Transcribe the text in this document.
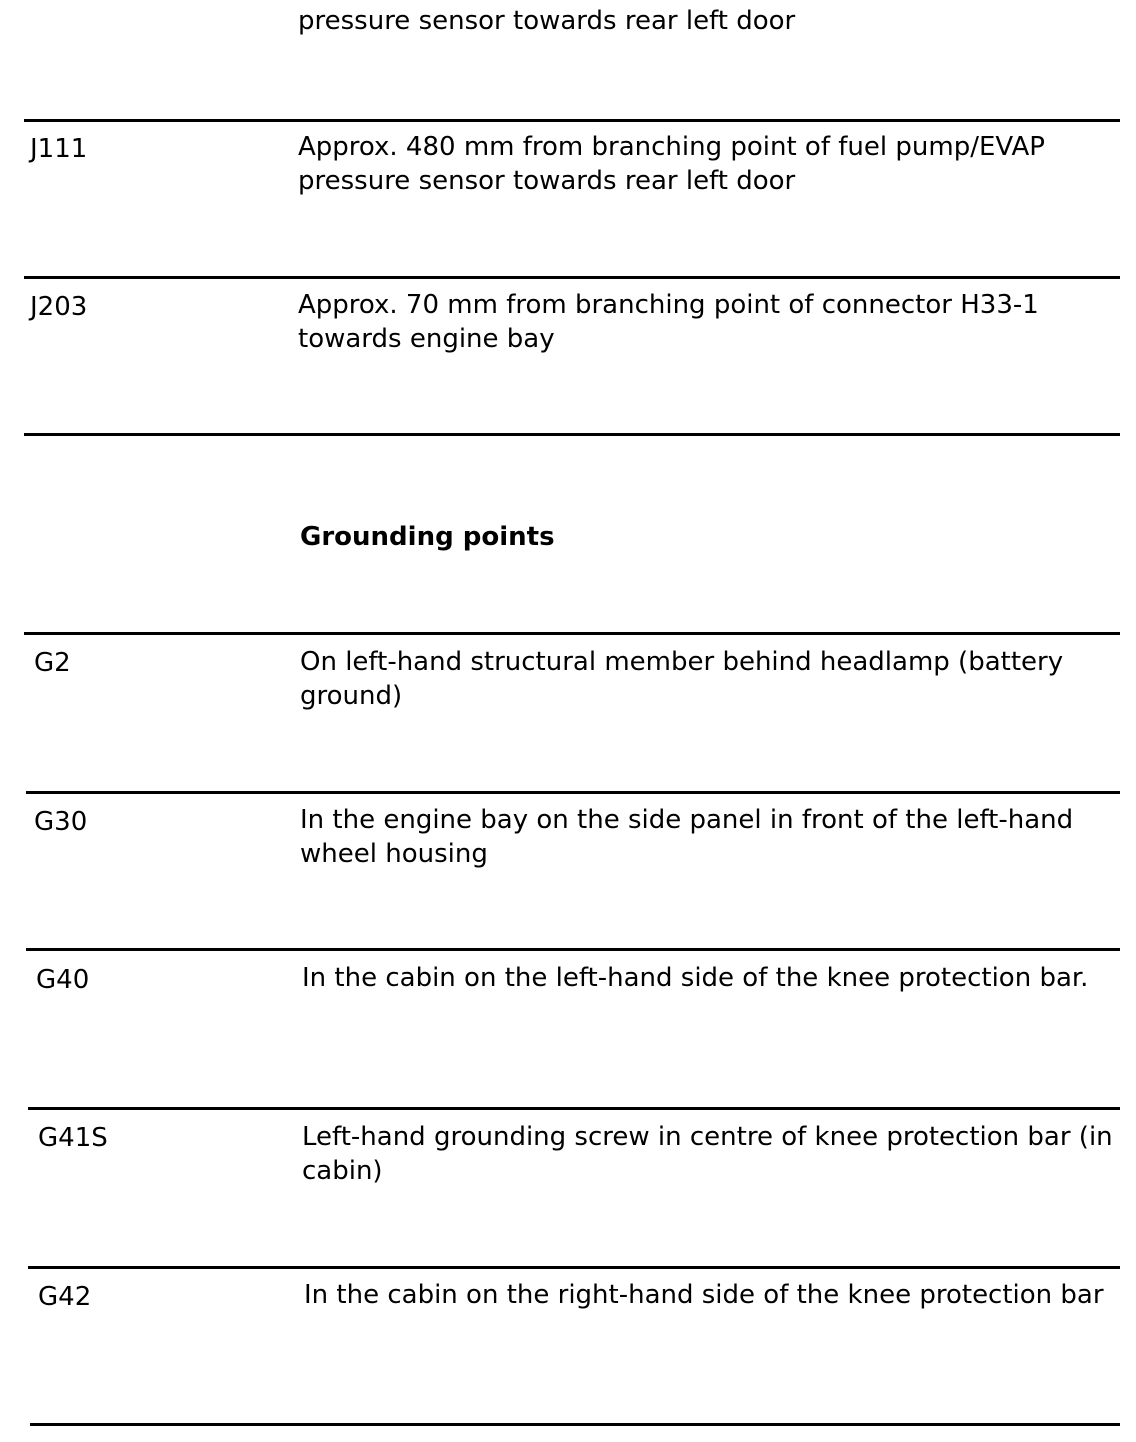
pressure sensor towards rear left door
J111	Approx. 480 mm from branching point of fuel pump/EVAP pressure sensor towards rear left door
J203	Approx. 70 mm from branching point of connector H33-1 towards engine bay
Grounding points
G2	On left-hand structural member behind headlamp (battery ground)
G30	In the engine bay on the side panel in front of the left-hand wheel housing
G40	In the cabin on the left-hand side of the knee protection bar.
G41S	Left-hand grounding screw in centre of knee protection bar (in cabin)
G42	In the cabin on the right-hand side of the knee protection bar
